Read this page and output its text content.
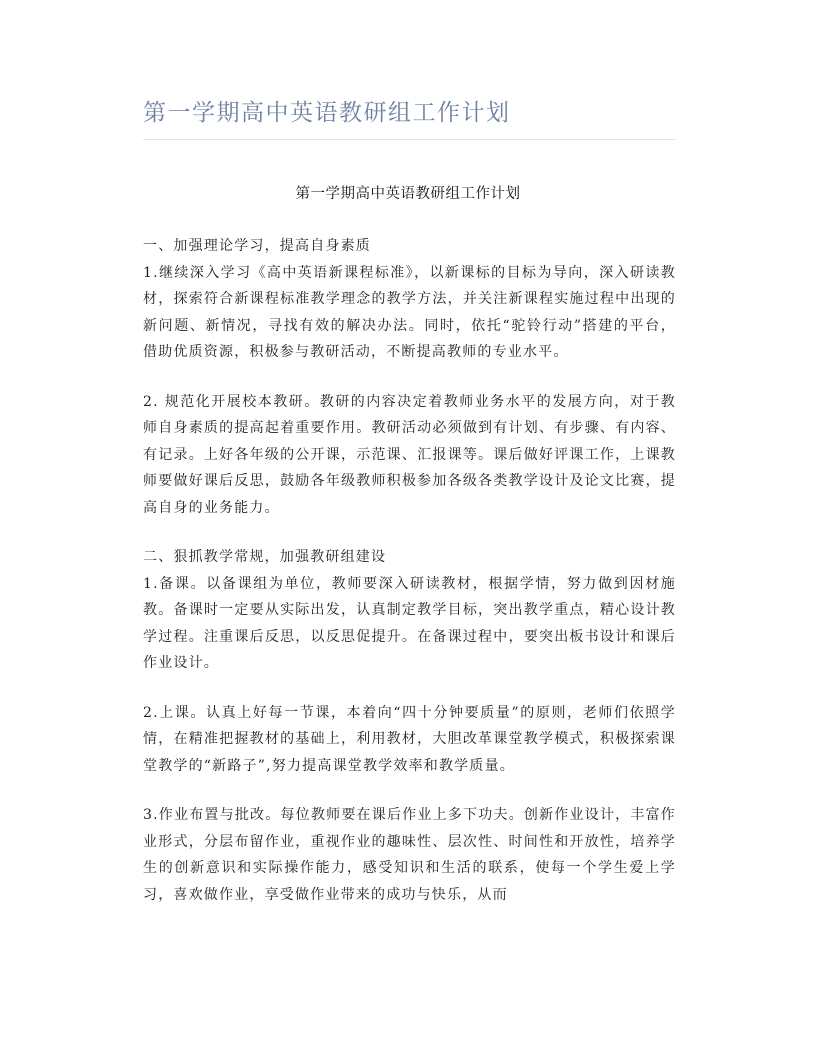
第一学期高中英语教研组工作计划
第一学期高中英语教研组工作计划

一、加强理论学习，提高自身素质

1.继续深入学习《高中英语新课程标准》，以新课标的目标为导向，深入研读教材，探索符合新课程标准教学理念的教学方法，并关注新课程实施过程中出现的新问题、新情况，寻找有效的解决办法。同时，依托“驼铃行动”搭建的平台，借助优质资源，积极参与教研活动，不断提高教师的专业水平。

2. 规范化开展校本教研。教研的内容决定着教师业务水平的发展方向，对于教师自身素质的提高起着重要作用。教研活动必须做到有计划、有步骤、有内容、有记录。上好各年级的公开课，示范课、汇报课等。课后做好评课工作，上课教师要做好课后反思，鼓励各年级教师积极参加各级各类教学设计及论文比赛，提高自身的业务能力。

二、狠抓教学常规，加强教研组建设

1.备课。以备课组为单位，教师要深入研读教材，根据学情，努力做到因材施教。备课时一定要从实际出发，认真制定教学目标，突出教学重点，精心设计教学过程。注重课后反思，以反思促提升。在备课过程中，要突出板书设计和课后作业设计。

2.上课。认真上好每一节课，本着向“四十分钟要质量”的原则，老师们依照学情，在精准把握教材的基础上，利用教材，大胆改革课堂教学模式，积极探索课堂教学的“新路子”,努力提高课堂教学效率和教学质量。

3.作业布置与批改。每位教师要在课后作业上多下功夫。创新作业设计，丰富作业形式，分层布留作业，重视作业的趣味性、层次性、时间性和开放性，培养学生的创新意识和实际操作能力，感受知识和生活的联系，使每一个学生爱上学习，喜欢做作业，享受做作业带来的成功与快乐，从而
